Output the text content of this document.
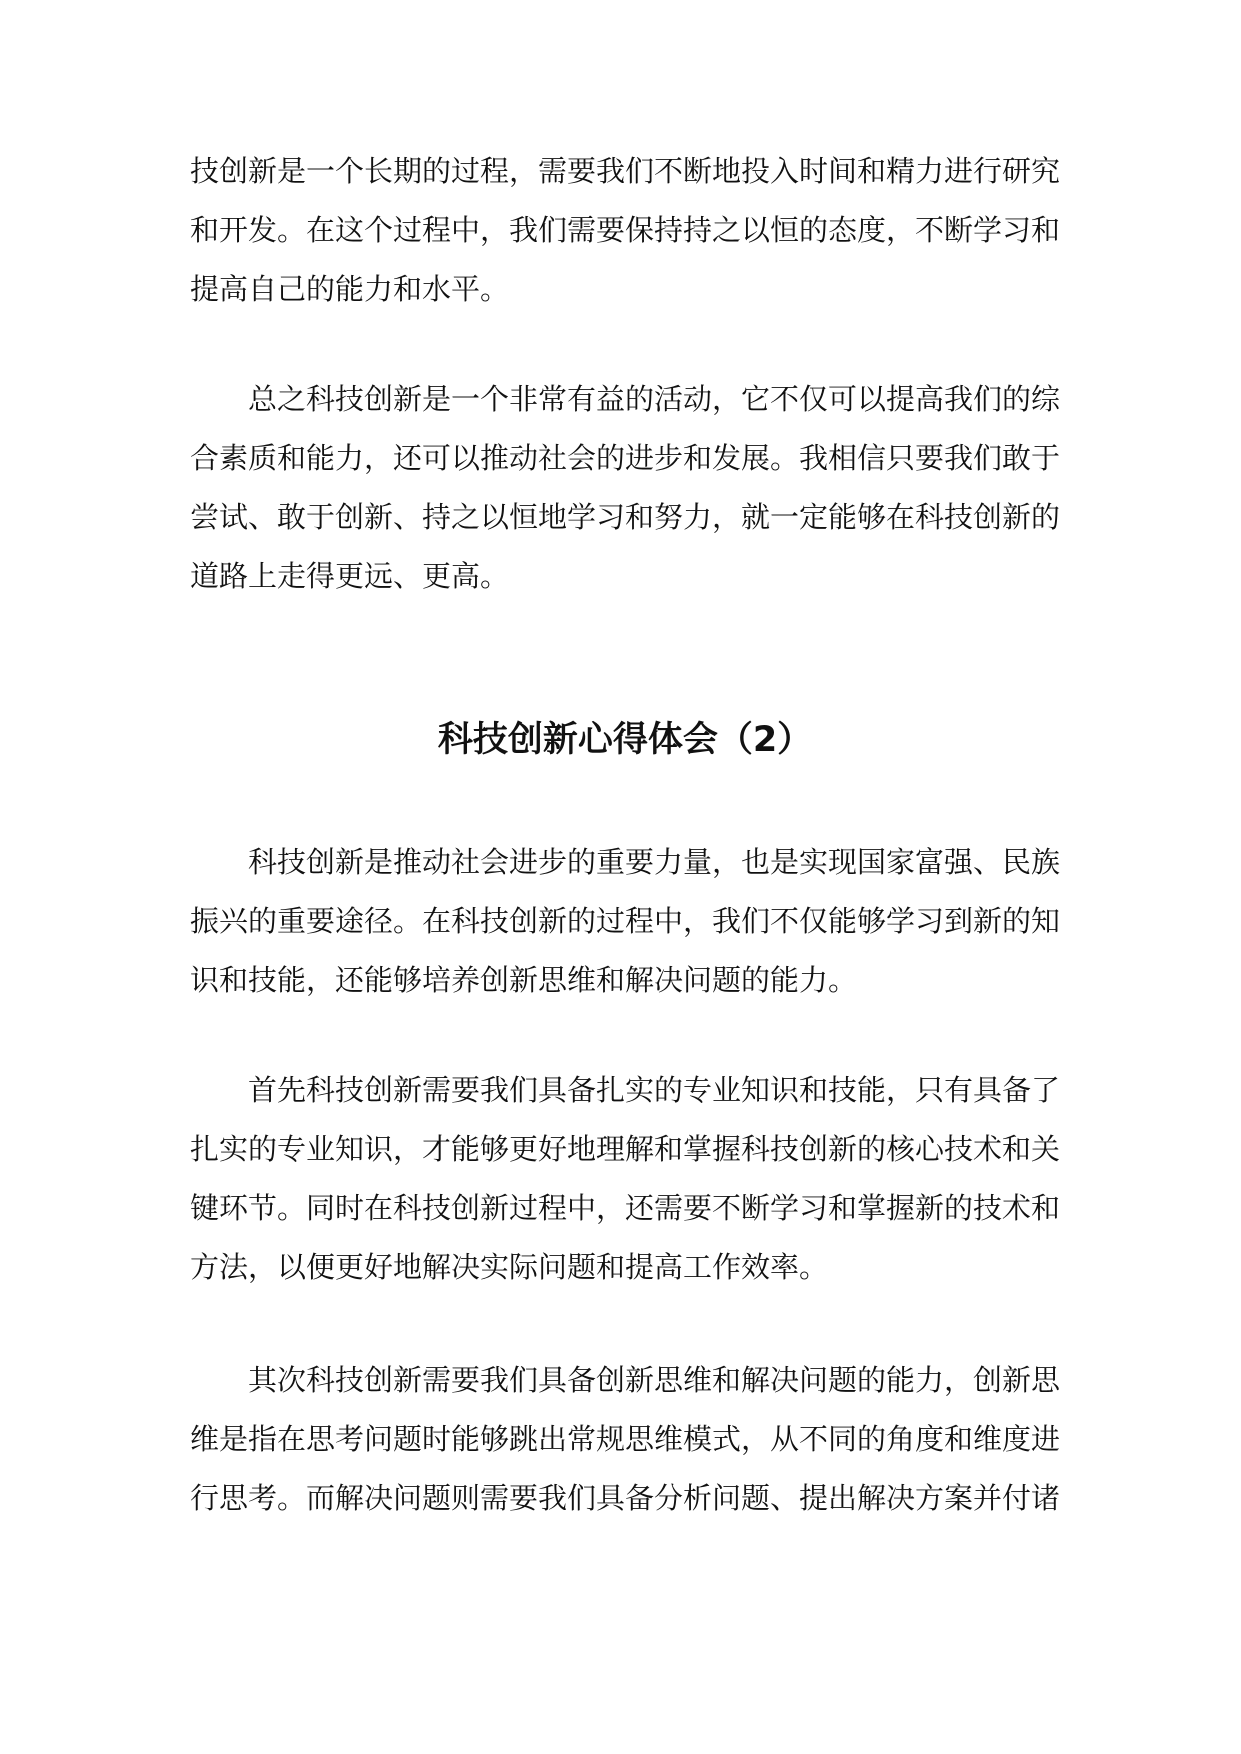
技创新是一个长期的过程，需要我们不断地投入时间和精力进行研究
和开发。在这个过程中，我们需要保持持之以恒的态度，不断学习和
提高自己的能力和水平。
总之科技创新是一个非常有益的活动，它不仅可以提高我们的综
合素质和能力，还可以推动社会的进步和发展。我相信只要我们敢于
尝试、敢于创新、持之以恒地学习和努力，就一定能够在科技创新的
道路上走得更远、更高。
科技创新心得体会（2）
科技创新是推动社会进步的重要力量，也是实现国家富强、民族
振兴的重要途径。在科技创新的过程中，我们不仅能够学习到新的知
识和技能，还能够培养创新思维和解决问题的能力。
首先科技创新需要我们具备扎实的专业知识和技能，只有具备了
扎实的专业知识，才能够更好地理解和掌握科技创新的核心技术和关
键环节。同时在科技创新过程中，还需要不断学习和掌握新的技术和
方法，以便更好地解决实际问题和提高工作效率。
其次科技创新需要我们具备创新思维和解决问题的能力，创新思
维是指在思考问题时能够跳出常规思维模式，从不同的角度和维度进
行思考。而解决问题则需要我们具备分析问题、提出解决方案并付诸
